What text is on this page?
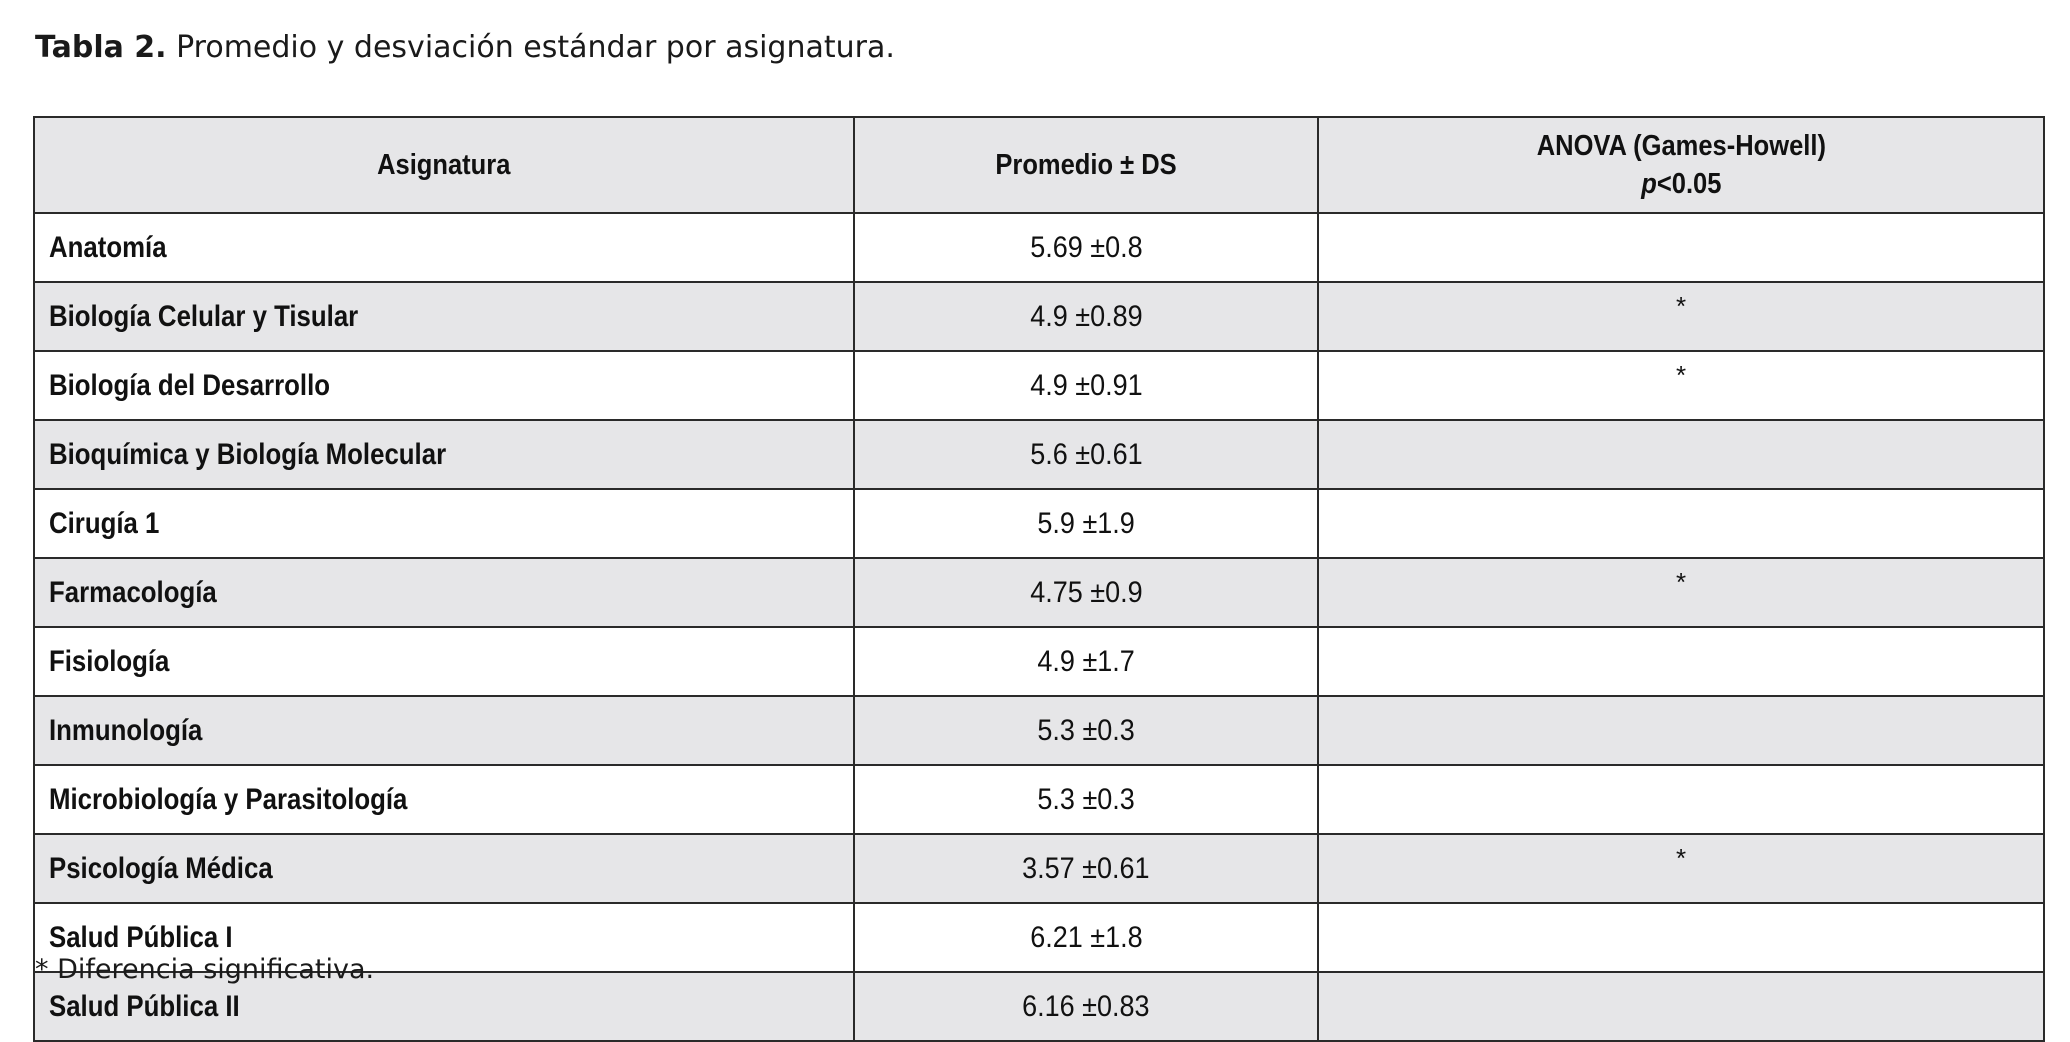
Tabla 2. Promedio y desviación estándar por asignatura.
Asignatura	Promedio ± DS	ANOVA (Games-Howell)
p<0.05

Anatomía	5.69 ±0.8	
Biología Celular y Tisular	4.9 ±0.89	*
Biología del Desarrollo	4.9 ±0.91	*
Bioquímica y Biología Molecular	5.6 ±0.61	
Cirugía 1	5.9 ±1.9	
Farmacología	4.75 ±0.9	*
Fisiología	4.9 ±1.7	
Inmunología	5.3 ±0.3	
Microbiología y Parasitología	5.3 ±0.3	
Psicología Médica	3.57 ±0.61	*
Salud Pública I	6.21 ±1.8	
Salud Pública II	6.16 ±0.83	
* Diferencia significativa.
